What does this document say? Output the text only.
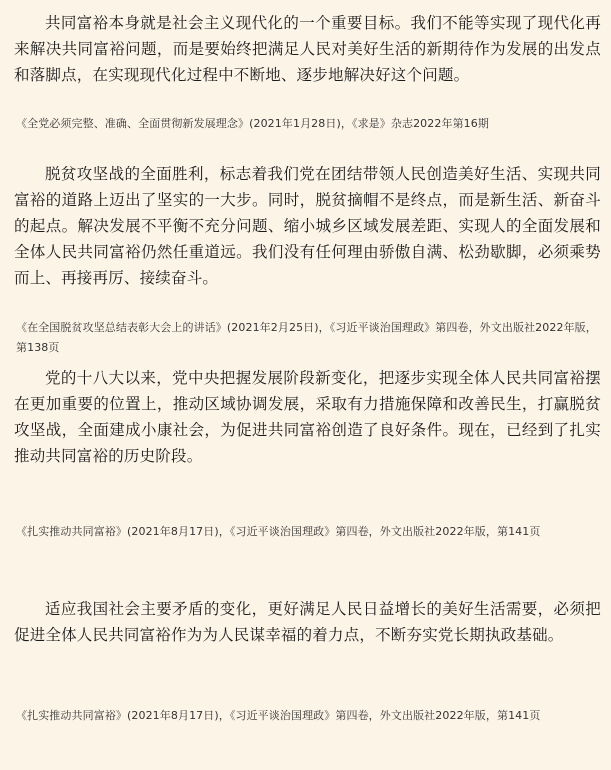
共同富裕本身就是社会主义现代化的一个重要目标。我们不能等实现了现代化再来解决共同富裕问题，而是要始终把满足人民对美好生活的新期待作为发展的出发点和落脚点，在实现现代化过程中不断地、逐步地解决好这个问题。

《全党必须完整、准确、全面贯彻新发展理念》(2021年1月28日)，《求是》杂志2022年第16期

脱贫攻坚战的全面胜利，标志着我们党在团结带领人民创造美好生活、实现共同富裕的道路上迈出了坚实的一大步。同时，脱贫摘帽不是终点，而是新生活、新奋斗的起点。解决发展不平衡不充分问题、缩小城乡区域发展差距、实现人的全面发展和全体人民共同富裕仍然任重道远。我们没有任何理由骄傲自满、松劲歇脚，必须乘势而上、再接再厉、接续奋斗。

《在全国脱贫攻坚总结表彰大会上的讲话》(2021年2月25日)，《习近平谈治国理政》第四卷，外文出版社2022年版，第138页

党的十八大以来，党中央把握发展阶段新变化，把逐步实现全体人民共同富裕摆在更加重要的位置上，推动区域协调发展，采取有力措施保障和改善民生，打赢脱贫攻坚战，全面建成小康社会，为促进共同富裕创造了良好条件。现在，已经到了扎实推动共同富裕的历史阶段。

《扎实推动共同富裕》(2021年8月17日)，《习近平谈治国理政》第四卷，外文出版社2022年版，第141页

适应我国社会主要矛盾的变化，更好满足人民日益增长的美好生活需要，必须把促进全体人民共同富裕作为为人民谋幸福的着力点，不断夯实党长期执政基础。

《扎实推动共同富裕》(2021年8月17日)，《习近平谈治国理政》第四卷，外文出版社2022年版，第141页
